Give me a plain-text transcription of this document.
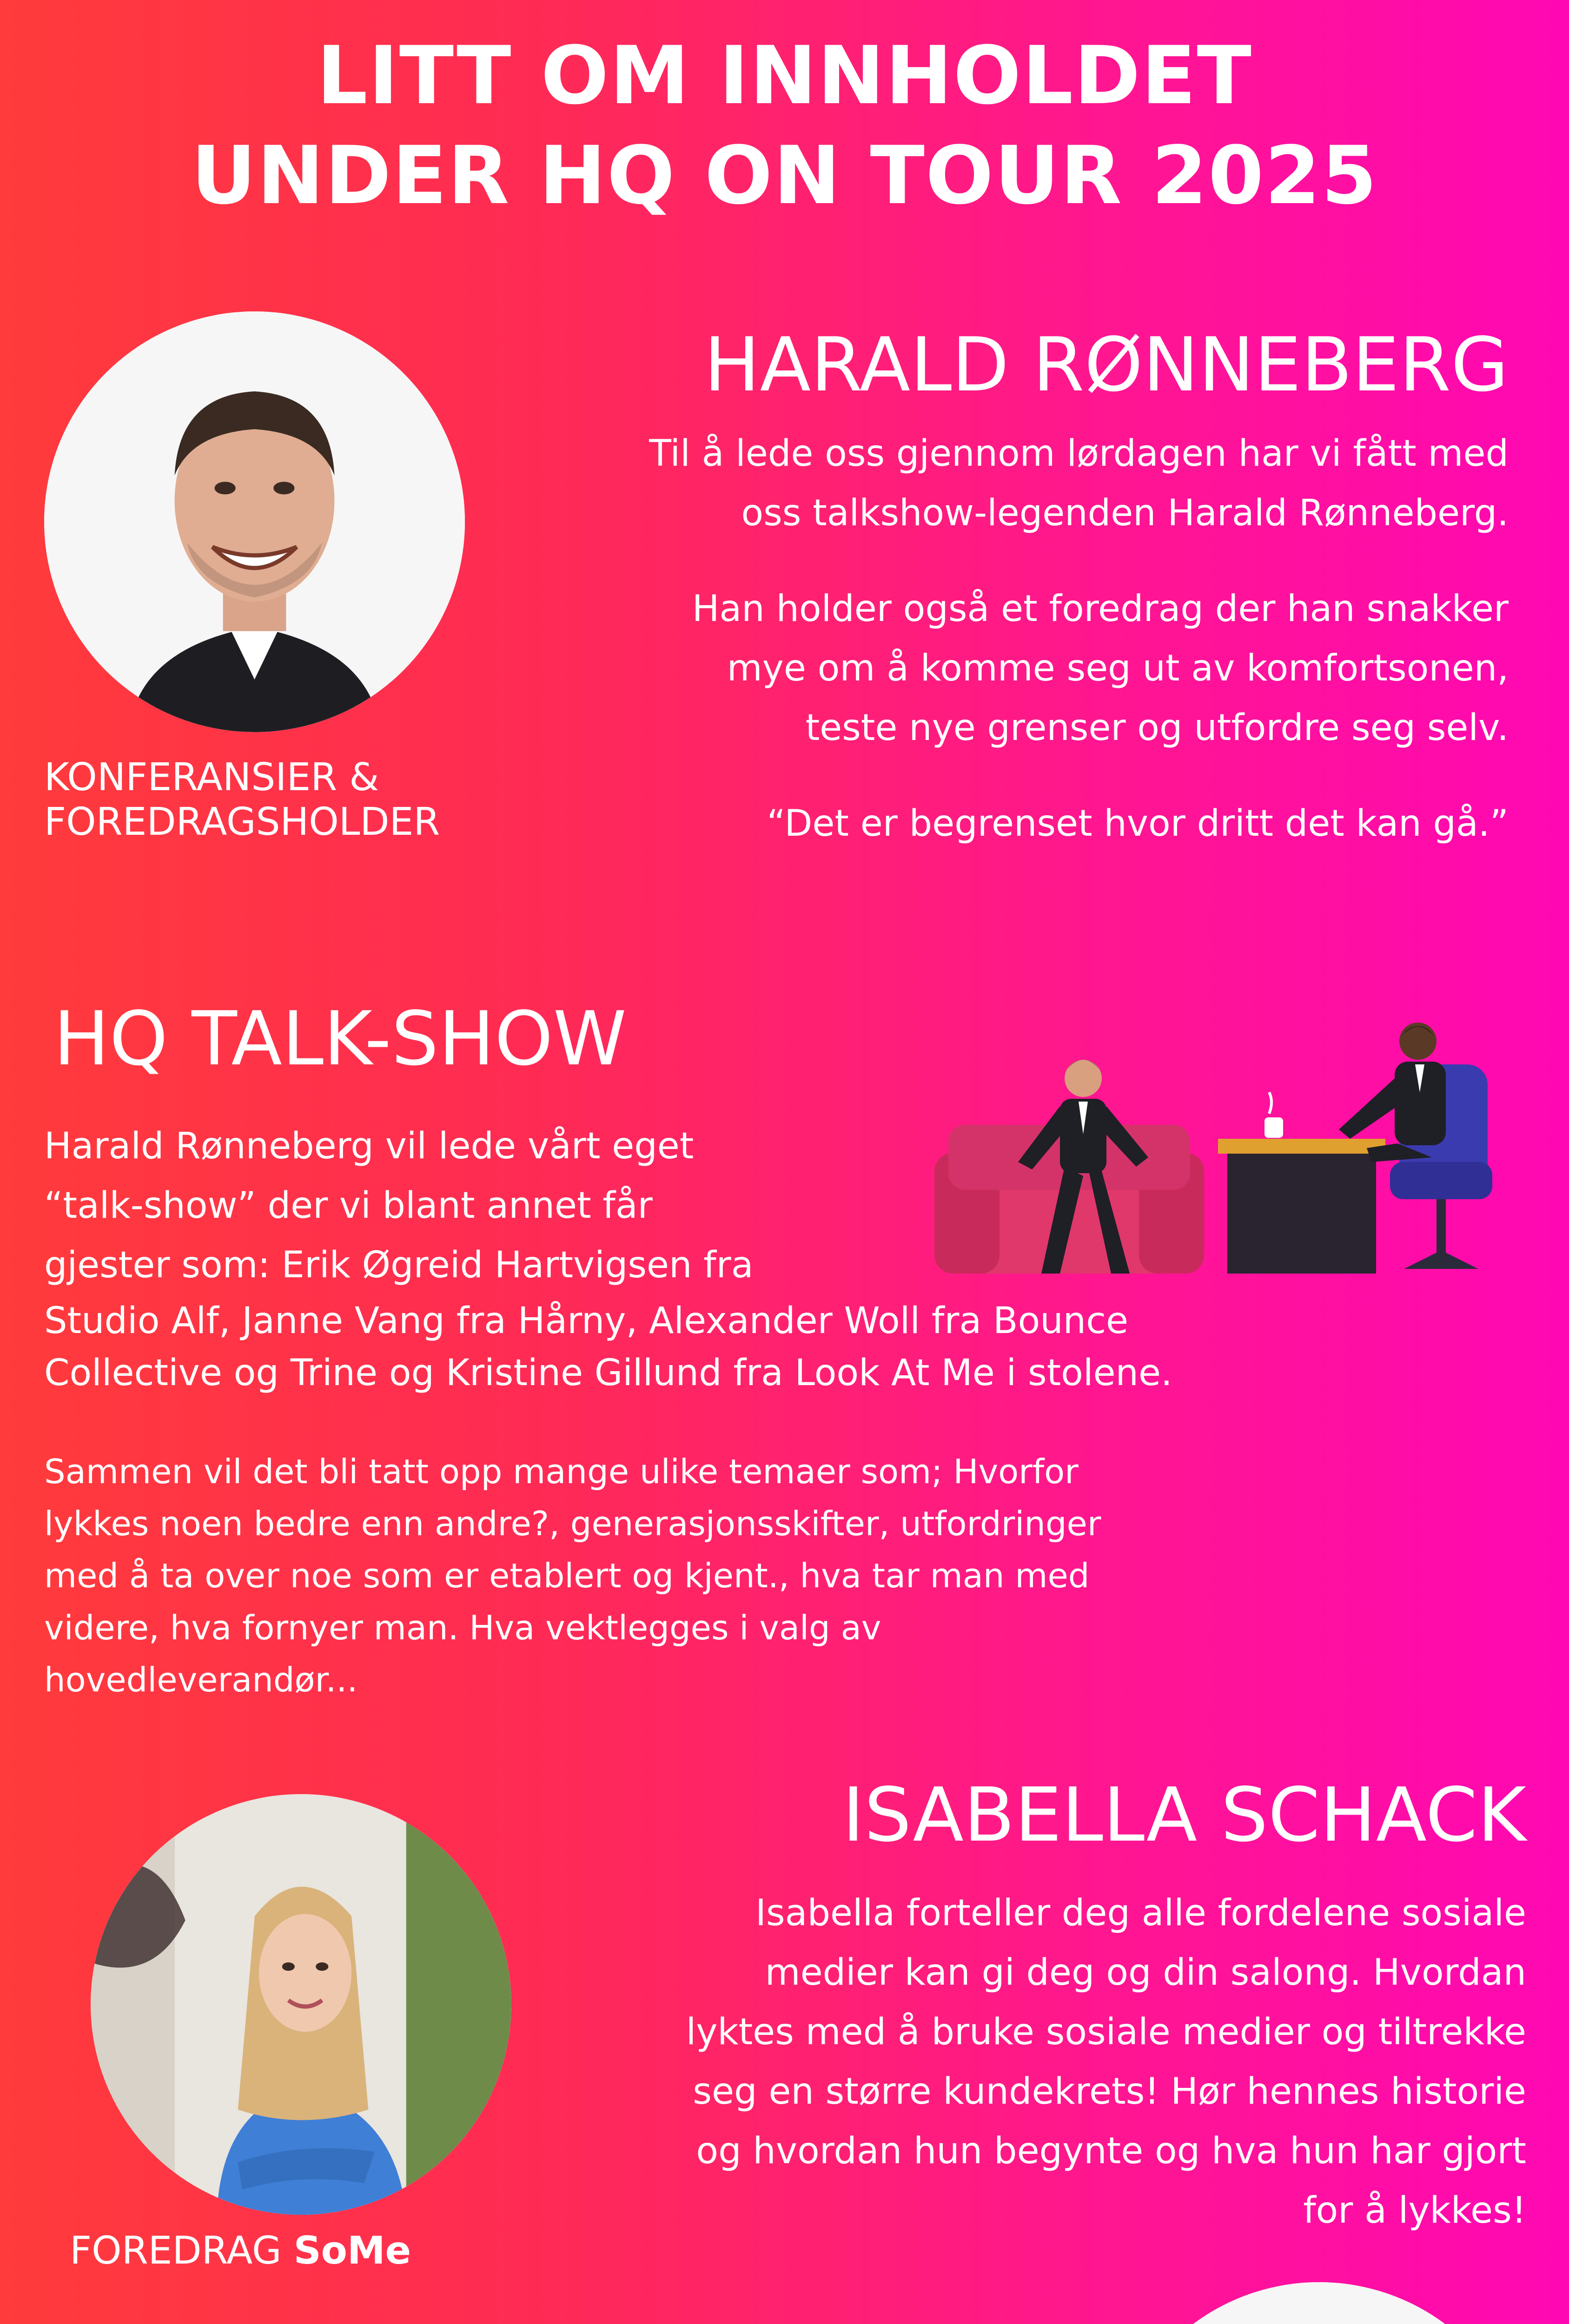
LITT OM INNHOLDET
UNDER HQ ON TOUR 2025
HARALD RØNNEBERG
Til å lede oss gjennom lørdagen har vi fått med
oss talkshow-legenden Harald Rønneberg.
Han holder også et foredrag der han snakker
mye om å komme seg ut av komfortsonen,
teste nye grenser og utfordre seg selv.
“Det er begrenset hvor dritt det kan gå.”
KONFERANSIER &
FOREDRAGSHOLDER
HQ TALK-SHOW
Harald Rønneberg vil lede vårt eget
“talk-show” der vi blant annet får
gjester som: Erik Øgreid Hartvigsen fra
Studio Alf, Janne Vang fra Hårny, Alexander Woll fra Bounce
Collective og Trine og Kristine Gillund fra Look At Me i stolene.
Sammen vil det bli tatt opp mange ulike temaer som; Hvorfor
lykkes noen bedre enn andre?, generasjonsskifter, utfordringer
med å ta over noe som er etablert og kjent., hva tar man med
videre, hva fornyer man. Hva vektlegges i valg av
hovedleverandør...
ISABELLA SCHACK
Isabella forteller deg alle fordelene sosiale
medier kan gi deg og din salong. Hvordan
lyktes med å bruke sosiale medier og tiltrekke
seg en større kundekrets! Hør hennes historie
og hvordan hun begynte og hva hun har gjort
for å lykkes!
FOREDRAG SoMe
